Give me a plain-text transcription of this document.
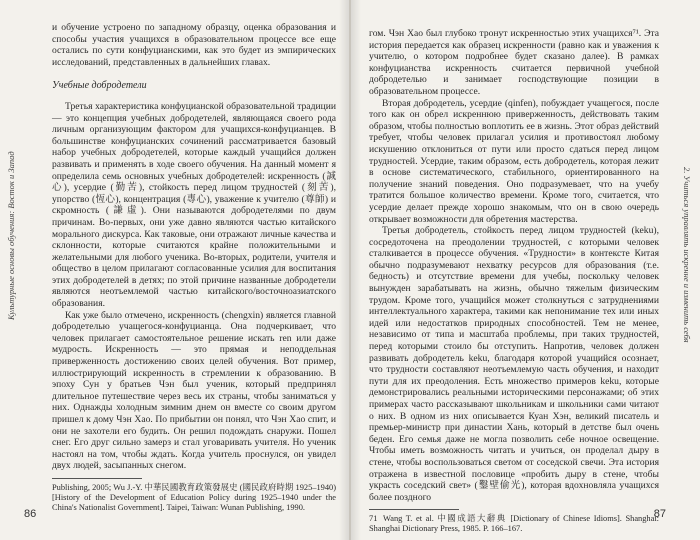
Культурные основы обучения: Восток и Запад

и обучение устроено по западному образцу, оценка образования и способы участия учащихся в образовательном процессе все еще остались по сути конфуцианскими, как это будет из эмпирических исследований, представленных в дальнейших главах.

Учебные добродетели

Третья характеристика конфуцианской образовательной традиции — это концепция учебных добродетелей, являющаяся своего рода личным организующим фактором для учащихся-конфуцианцев. В большинстве конфуцианских сочинений рассматривается базовый набор учебных добродетелей, которые каждый учащийся должен развивать и применять в ходе своего обучения. На данный момент я определила семь основных учебных добродетелей: искренность (誠心), усердие (勤苦), стойкость перед лицом трудностей (刻苦), упорство (恆心), концентрация (專心), уважение к учителю (尊師) и скромность (謙虛). Они называются добродетелями по двум причинам. Во-первых, они уже давно являются частью китайского морального дискурса. Как таковые, они отражают личные качества и склонности, которые считаются крайне положительными и желательными для любого ученика. Во-вторых, родители, учителя и общество в целом прилагают согласованные усилия для воспитания этих добродетелей в детях; по этой причине названные добродетели являются неотъемлемой частью китайского/восточноазиатского образования.

Как уже было отмечено, искренность (chengxin) является главной добродетелью учащегося-конфуцианца. Она подчеркивает, что человек прилагает самостоятельное решение искать ren или даже мудрость. Искренность — это прямая и неподдельная приверженность достижению своих целей обучения. Вот пример, иллюстрирующий искренность в стремлении к образованию. В эпоху Сун у братьев Чэн был ученик, который предпринял длительное путешествие через весь их страны, чтобы заниматься у них. Однажды холодным зимним днем он вместе со своим другом пришел к дому Чэн Хао. По прибытии он понял, что Чэн Хао спит, и они не захотели его будить. Он решил подождать снаружи. Пошел снег. Его друг сильно замерз и стал уговаривать учителя. Но ученик настоял на том, чтобы ждать. Когда учитель проснулся, он увидел двух людей, засыпанных снегом.

Publishing, 2005; Wu J.-Y. 中華民國教育政策發展史 (國民政府時期 1925–1940) [History of the Development of Education Policy during 1925–1940 under the China's Nationalist Government]. Taipei, Taiwan: Wunan Publishing, 1990.
86
2. Учиться управлять искренне и изменить себя

гом. Чэн Хао был глубоко тронут искренностью этих учащихся⁷¹. Эта история передается как образец искренности (равно как и уважения к учителю, о котором подробнее будет сказано далее). В рамках конфуцианства искренность считается первичной учебной добродетелью и занимает господствующие позиции в образовательном процессе.

Вторая добродетель, усердие (qinfen), побуждает учащегося, после того как он обрел искреннюю приверженность, действовать таким образом, чтобы полностью воплотить ее в жизнь. Этот образ действий требует, чтобы человек прилагал усилия и противостоял любому искушению отклониться от пути или просто сдаться перед лицом трудностей. Усердие, таким образом, есть добродетель, которая лежит в основе систематического, стабильного, ориентированного на получение знаний поведения. Оно подразумевает, что на учебу тратится большое количество времени. Кроме того, считается, что усердие делает прежде хорошо знакомым, что он в свою очередь открывает возможности для обретения мастерства.

Третья добродетель, стойкость перед лицом трудностей (keku), сосредоточена на преодолении трудностей, с которыми человек сталкивается в процессе обучения. «Трудности» в контексте Китая обычно подразумевают нехватку ресурсов для образования (т.е. бедность) и отсутствие времени для учебы, поскольку человек вынужден зарабатывать на жизнь, обычно тяжелым физическим трудом. Кроме того, учащийся может столкнуться с затруднениями интеллектуального характера, такими как непонимание тех или иных идей или недостатков природных способностей. Тем не менее, независимо от типа и масштаба проблемы, при таких трудностей, перед которыми стоило бы отступить. Напротив, человек должен развивать добродетель keku, благодаря которой учащийся осознает, что трудности составляют неотъемлемую часть обучения, и находит пути для их преодоления. Есть множество примеров keku, которые демонстрировались реальными историческими персонажами; об этих примерах часто рассказывают школьникам и школьники сами читают о них. В одном из них описывается Куан Хэн, великий писатель и премьер-министр при династии Хань, который в детстве был очень беден. Его семья даже не могла позволить себе ночное освещение. Чтобы иметь возможность читать и учиться, он проделал дыру в стене, чтобы воспользоваться светом от соседской свечи. Эта история отражена в известной пословице «пробить дыру в стене, чтобы украсть соседский свет» (鑿壁偷光), которая вдохновляла учащихся более поздного

71 Wang T. et al. 中國成語大辭典 [Dictionary of Chinese Idioms]. Shanghai: Shanghai Dictionary Press, 1985. P. 166–167.
87
